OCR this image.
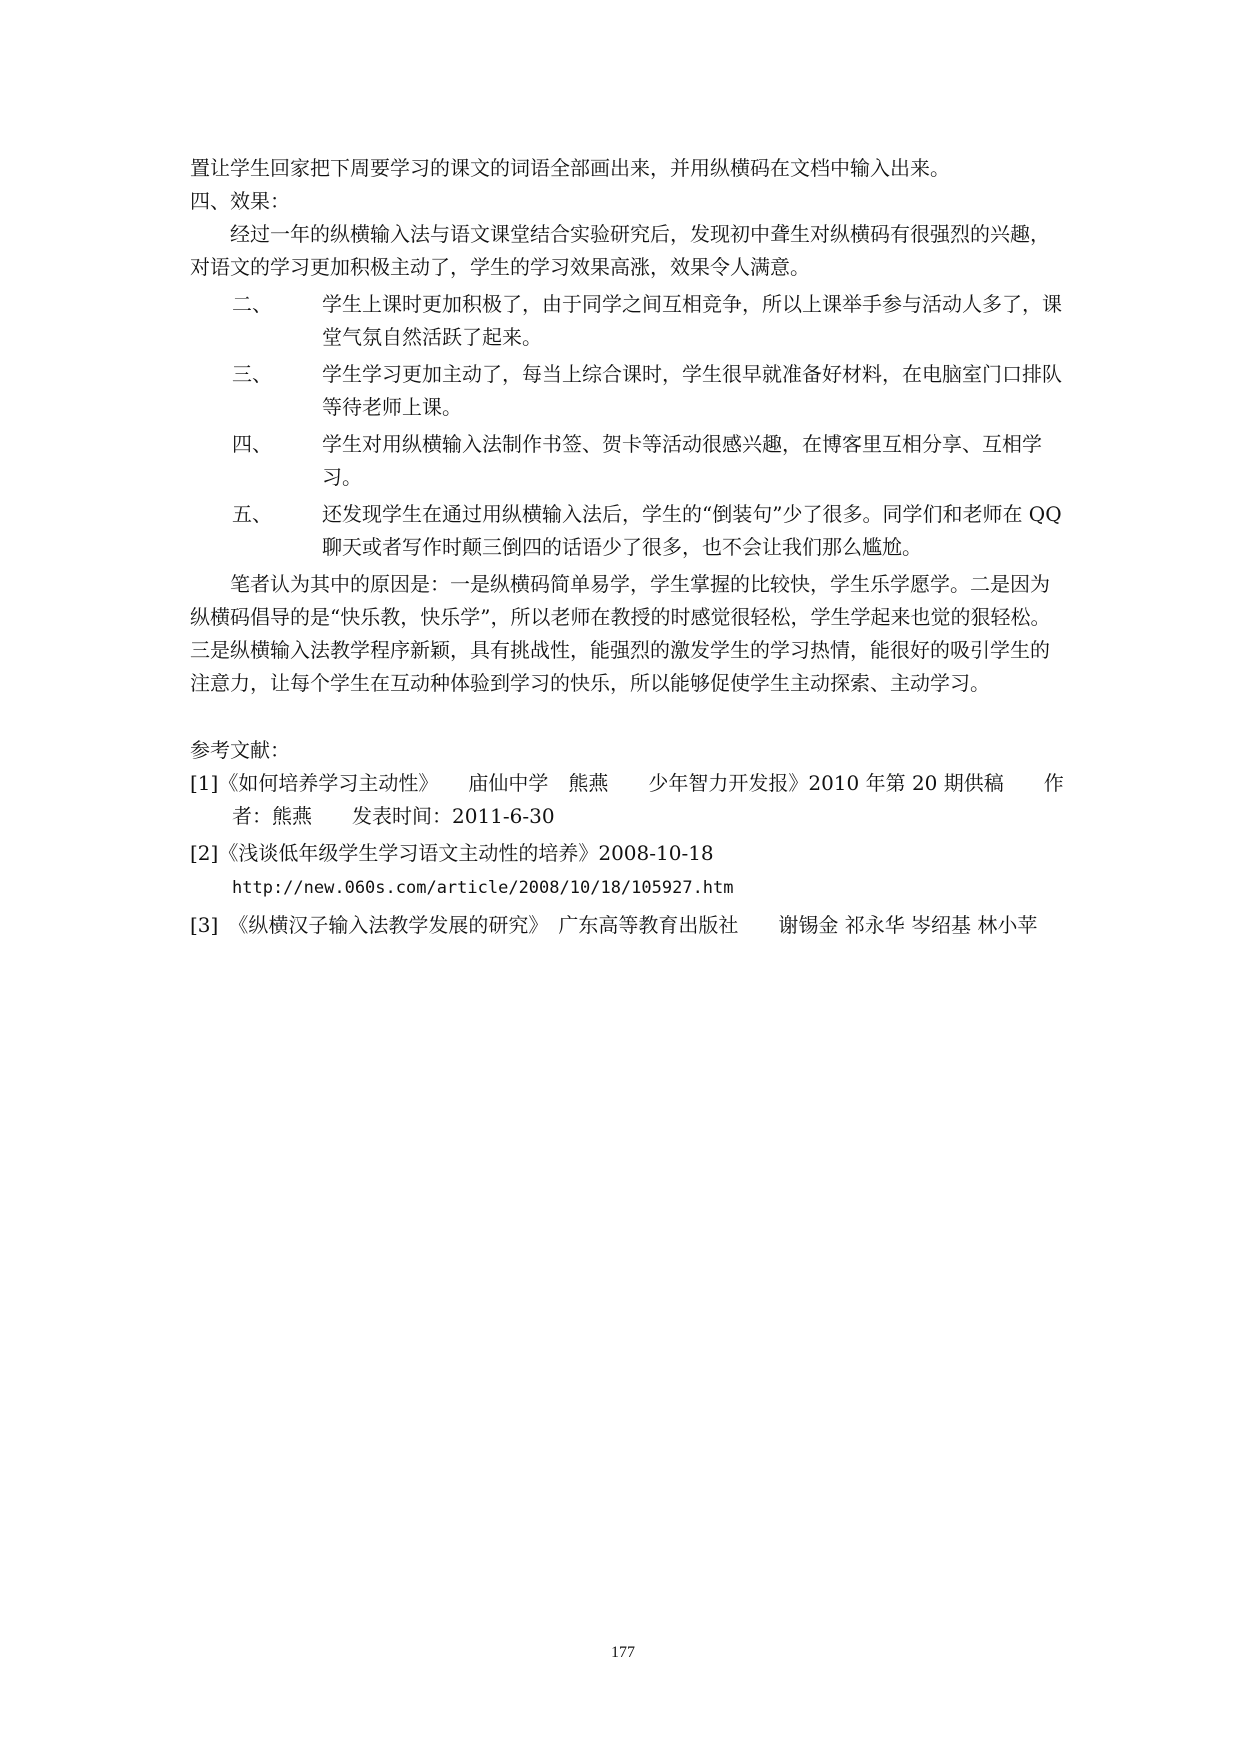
置让学生回家把下周要学习的课文的词语全部画出来，并用纵横码在文档中输入出来。

四、效果：

经过一年的纵横输入法与语文课堂结合实验研究后，发现初中聋生对纵横码有很强烈的兴趣，对语文的学习更加积极主动了，学生的学习效果高涨，效果令人满意。

二、	学生上课时更加积极了，由于同学之间互相竞争，所以上课举手参与活动人多了，课堂气氛自然活跃了起来。
三、	学生学习更加主动了，每当上综合课时，学生很早就准备好材料，在电脑室门口排队等待老师上课。
四、	学生对用纵横输入法制作书签、贺卡等活动很感兴趣，在博客里互相分享、互相学习。
五、	还发现学生在通过用纵横输入法后，学生的“倒装句”少了很多。同学们和老师在 QQ 聊天或者写作时颠三倒四的话语少了很多，也不会让我们那么尴尬。

笔者认为其中的原因是：一是纵横码简单易学，学生掌握的比较快，学生乐学愿学。二是因为纵横码倡导的是“快乐教，快乐学”，所以老师在教授的时感觉很轻松，学生学起来也觉的狠轻松。三是纵横输入法教学程序新颖，具有挑战性，能强烈的激发学生的学习热情，能很好的吸引学生的注意力，让每个学生在互动种体验到学习的快乐，所以能够促使学生主动探索、主动学习。

参考文献：

[1]《如何培养学习主动性》　　庙仙中学　熊燕　　少年智力开发报》2010 年第 20 期供稿　　作者：熊燕　　发表时间：2011-6-30

[2]《浅谈低年级学生学习语文主动性的培养》2008-10-18
http://new.060s.com/article/2008/10/18/105927.htm

[3]　《纵横汉子输入法教学发展的研究》　广东高等教育出版社　　谢锡金 祁永华 岑绍基 林小苹

177
